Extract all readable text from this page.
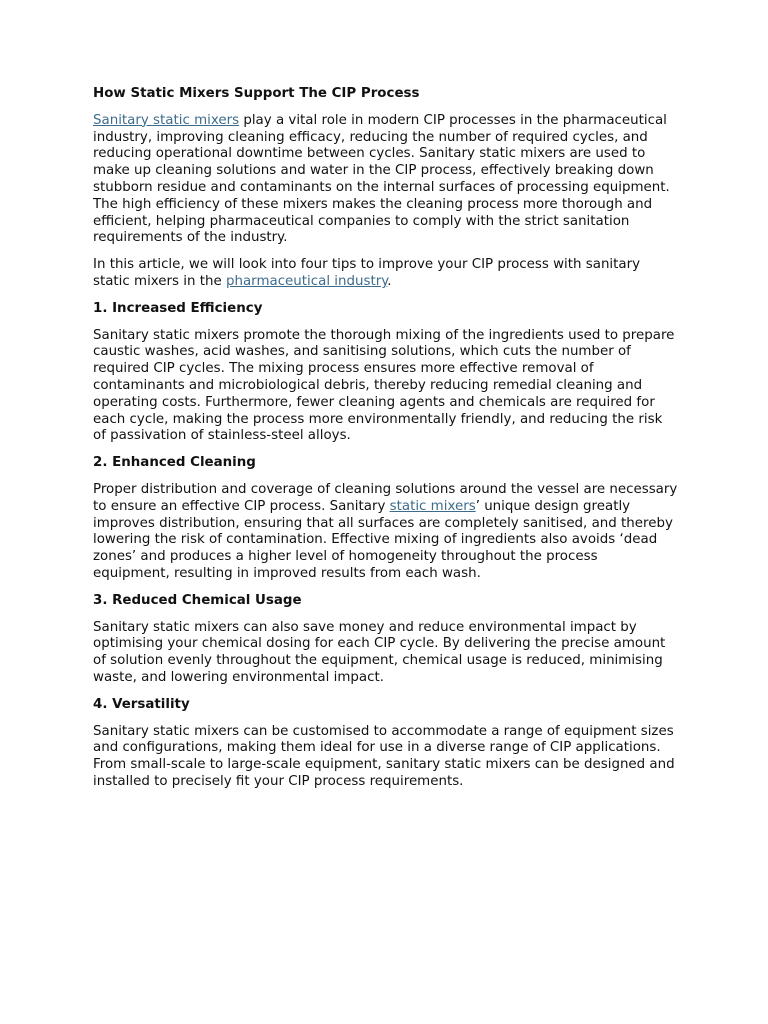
How Static Mixers Support The CIP Process

Sanitary static mixers play a vital role in modern CIP processes in the pharmaceutical industry, improving cleaning efficacy, reducing the number of required cycles, and reducing operational downtime between cycles. Sanitary static mixers are used to make up cleaning solutions and water in the CIP process, effectively breaking down stubborn residue and contaminants on the internal surfaces of processing equipment. The high efficiency of these mixers makes the cleaning process more thorough and efficient, helping pharmaceutical companies to comply with the strict sanitation requirements of the industry.

In this article, we will look into four tips to improve your CIP process with sanitary static mixers in the pharmaceutical industry.

1. Increased Efficiency

Sanitary static mixers promote the thorough mixing of the ingredients used to prepare caustic washes, acid washes, and sanitising solutions, which cuts the number of required CIP cycles. The mixing process ensures more effective removal of contaminants and microbiological debris, thereby reducing remedial cleaning and operating costs. Furthermore, fewer cleaning agents and chemicals are required for each cycle, making the process more environmentally friendly, and reducing the risk of passivation of stainless-steel alloys.

2. Enhanced Cleaning

Proper distribution and coverage of cleaning solutions around the vessel are necessary to ensure an effective CIP process. Sanitary static mixers’ unique design greatly improves distribution, ensuring that all surfaces are completely sanitised, and thereby lowering the risk of contamination. Effective mixing of ingredients also avoids ‘dead zones’ and produces a higher level of homogeneity throughout the process equipment, resulting in improved results from each wash.

3. Reduced Chemical Usage

Sanitary static mixers can also save money and reduce environmental impact by optimising your chemical dosing for each CIP cycle. By delivering the precise amount of solution evenly throughout the equipment, chemical usage is reduced, minimising waste, and lowering environmental impact.

4. Versatility

Sanitary static mixers can be customised to accommodate a range of equipment sizes and configurations, making them ideal for use in a diverse range of CIP applications. From small-scale to large-scale equipment, sanitary static mixers can be designed and installed to precisely fit your CIP process requirements.
